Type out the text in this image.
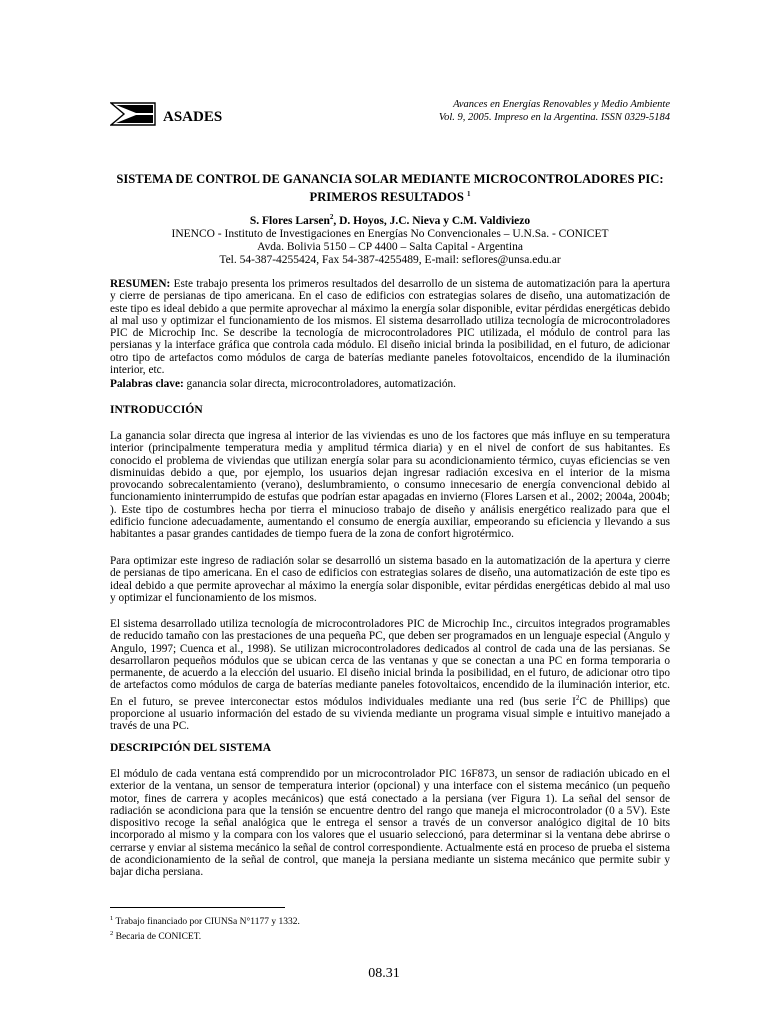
ASADES
Avances en Energías Renovables y Medio Ambiente
Vol. 9, 2005. Impreso en la Argentina. ISSN 0329-5184
SISTEMA DE CONTROL DE GANANCIA SOLAR MEDIANTE MICROCONTROLADORES PIC:
PRIMEROS RESULTADOS $^1$
S. Flores Larsen$^2$, D. Hoyos, J.C. Nieva y C.M. Valdiviezo
INENCO - Instituto de Investigaciones en Energías No Convencionales – U.N.Sa. - CONICET
Avda. Bolivia 5150 – CP 4400 – Salta Capital - Argentina
Tel. 54-387-4255424, Fax 54-387-4255489, E-mail: seflores@unsa.edu.ar
RESUMEN: Este trabajo presenta los primeros resultados del desarrollo de un sistema de automatización para la apertura y cierre de persianas de tipo americana. En el caso de edificios con estrategias solares de diseño, una automatización de este tipo es ideal debido a que permite aprovechar al máximo la energía solar disponible, evitar pérdidas energéticas debido al mal uso y optimizar el funcionamiento de los mismos. El sistema desarrollado utiliza tecnología de microcontroladores PIC de Microchip Inc. Se describe la tecnología de microcontroladores PIC utilizada, el módulo de control para las persianas y la interface gráfica que controla cada módulo. El diseño inicial brinda la posibilidad, en el futuro, de adicionar otro tipo de artefactos como módulos de carga de baterías mediante paneles fotovoltaicos, encendido de la iluminación interior, etc.
Palabras clave: ganancia solar directa, microcontroladores, automatización.
INTRODUCCIÓN
La ganancia solar directa que ingresa al interior de las viviendas es uno de los factores que más influye en su temperatura interior (principalmente temperatura media y amplitud térmica diaria) y en el nivel de confort de sus habitantes. Es conocido el problema de viviendas que utilizan energía solar para su acondicionamiento térmico, cuyas eficiencias se ven disminuidas debido a que, por ejemplo, los usuarios dejan ingresar radiación excesiva en el interior de la misma provocando sobrecalentamiento (verano), deslumbramiento, o consumo innecesario de energía convencional debido al funcionamiento ininterrumpido de estufas que podrían estar apagadas en invierno (Flores Larsen et al., 2002; 2004a, 2004b; ). Este tipo de costumbres hecha por tierra el minucioso trabajo de diseño y análisis energético realizado para que el edificio funcione adecuadamente, aumentando el consumo de energía auxiliar, empeorando su eficiencia y llevando a sus habitantes a pasar grandes cantidades de tiempo fuera de la zona de confort higrotérmico.
Para optimizar este ingreso de radiación solar se desarrolló un sistema basado en la automatización de la apertura y cierre de persianas de tipo americana. En el caso de edificios con estrategias solares de diseño, una automatización de este tipo es ideal debido a que permite aprovechar al máximo la energía solar disponible, evitar pérdidas energéticas debido al mal uso y optimizar el funcionamiento de los mismos.
El sistema desarrollado utiliza tecnología de microcontroladores PIC de Microchip Inc., circuitos integrados programables de reducido tamaño con las prestaciones de una pequeña PC, que deben ser programados en un lenguaje especial (Angulo y Angulo, 1997; Cuenca et al., 1998). Se utilizan microcontroladores dedicados al control de cada una de las persianas. Se desarrollaron pequeños módulos que se ubican cerca de las ventanas y que se conectan a una PC en forma temporaria o permanente, de acuerdo a la elección del usuario. El diseño inicial brinda la posibilidad, en el futuro, de adicionar otro tipo de artefactos como módulos de carga de baterías mediante paneles fotovoltaicos, encendido de la iluminación interior, etc. En el futuro, se prevee interconectar estos módulos individuales mediante una red (bus serie $I^2C$ de Phillips) que proporcione al usuario información del estado de su vivienda mediante un programa visual simple e intuitivo manejado a través de una PC.
DESCRIPCIÓN DEL SISTEMA
El módulo de cada ventana está comprendido por un microcontrolador PIC 16F873, un sensor de radiación ubicado en el exterior de la ventana, un sensor de temperatura interior (opcional) y una interface con el sistema mecánico (un pequeño motor, fines de carrera y acoples mecánicos) que está conectado a la persiana (ver Figura 1). La señal del sensor de radiación se acondiciona para que la tensión se encuentre dentro del rango que maneja el microcontrolador (0 a 5V). Este dispositivo recoge la señal analógica que le entrega el sensor a través de un conversor analógico digital de 10 bits incorporado al mismo y la compara con los valores que el usuario seleccionó, para determinar si la ventana debe abrirse o cerrarse y enviar al sistema mecánico la señal de control correspondiente. Actualmente está en proceso de prueba el sistema de acondicionamiento de la señal de control, que maneja la persiana mediante un sistema mecánico que permite subir y bajar dicha persiana.
$^1$ Trabajo financiado por CIUNSa N°1177 y 1332.
$^2$ Becaria de CONICET.
08.31
